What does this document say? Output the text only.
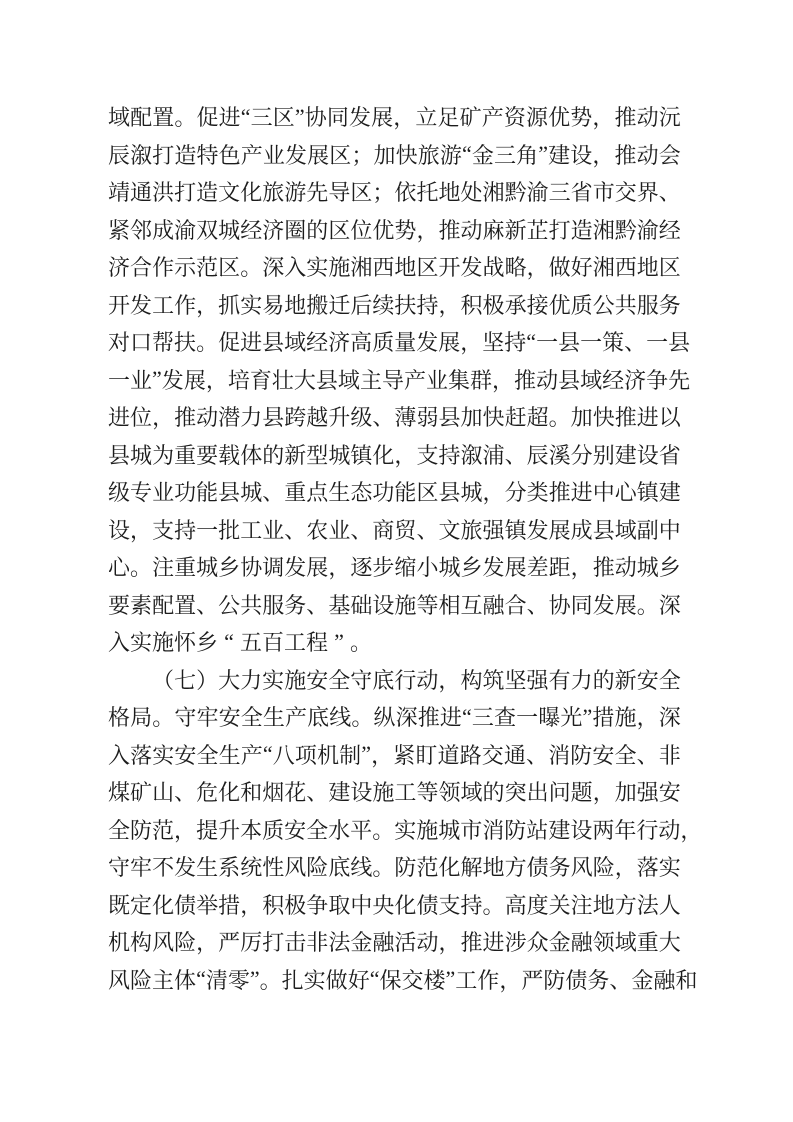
域 配 置 。 促 进 “ 三 区 ” 协 同 发 展 ， 立 足 矿 产 资 源 优 势 ， 推 动 沅
辰 溆 打 造 特 色 产 业 发 展 区 ； 加 快 旅 游 “ 金 三 角 ” 建 设 ， 推 动 会
靖 通 洪 打 造 文 化 旅 游 先 导 区 ； 依 托 地 处 湘 黔 渝 三 省 市 交 界 、
紧 邻 成 渝 双 城 经 济 圈 的 区 位 优 势 ， 推 动 麻 新 芷 打 造 湘 黔 渝 经
济 合 作 示 范 区 。 深 入 实 施 湘 西 地 区 开 发 战 略 ， 做 好 湘 西 地 区
开 发 工 作 ， 抓 实 易 地 搬 迁 后 续 扶 持 ， 积 极 承 接 优 质 公 共 服 务
对 口 帮 扶 。 促 进 县 域 经 济 高 质 量 发 展 ， 坚 持 “ 一 县 一 策 、 一 县
一 业 ” 发 展 ， 培 育 壮 大 县 域 主 导 产 业 集 群 ， 推 动 县 域 经 济 争 先
进 位 ， 推 动 潜 力 县 跨 越 升 级 、 薄 弱 县 加 快 赶 超 。 加 快 推 进 以
县 城 为 重 要 载 体 的 新 型 城 镇 化 ， 支 持 溆 浦 、 辰 溪 分 别 建 设 省
级 专 业 功 能 县 城 、 重 点 生 态 功 能 区 县 城 ， 分 类 推 进 中 心 镇 建
设 ， 支 持 一 批 工 业 、 农 业 、 商 贸 、 文 旅 强 镇 发 展 成 县 域 副 中
心 。 注 重 城 乡 协 调 发 展 ， 逐 步 缩 小 城 乡 发 展 差 距 ， 推 动 城 乡
要 素 配 置 、 公 共 服 务 、 基 础 设 施 等 相 互 融 合 、 协 同 发 展 。 深
入 实 施 怀 乡 “ 五 百 工 程 ” 。
（ 七 ） 大 力 实 施 安 全 守 底 行 动 ， 构 筑 坚 强 有 力 的 新 安 全
格 局 。 守 牢 安 全 生 产 底 线 。 纵 深 推 进 “ 三 查 一 曝 光 ” 措 施 ， 深
入 落 实 安 全 生 产 “ 八 项 机 制 ” ， 紧 盯 道 路 交 通 、 消 防 安 全 、 非
煤 矿 山 、 危 化 和 烟 花 、 建 设 施 工 等 领 域 的 突 出 问 题 ， 加 强 安
全 防 范 ， 提 升 本 质 安 全 水 平 。 实 施 城 市 消 防 站 建 设 两 年 行 动 ，
守 牢 不 发 生 系 统 性 风 险 底 线 。 防 范 化 解 地 方 债 务 风 险 ， 落 实
既 定 化 债 举 措 ， 积 极 争 取 中 央 化 债 支 持 。 高 度 关 注 地 方 法 人
机 构 风 险 ， 严 厉 打 击 非 法 金 融 活 动 ， 推 进 涉 众 金 融 领 域 重 大
风 险 主 体 “ 清 零 ” 。 扎 实 做 好 “ 保 交 楼 ” 工 作 ， 严 防 债 务 、 金 融 和
